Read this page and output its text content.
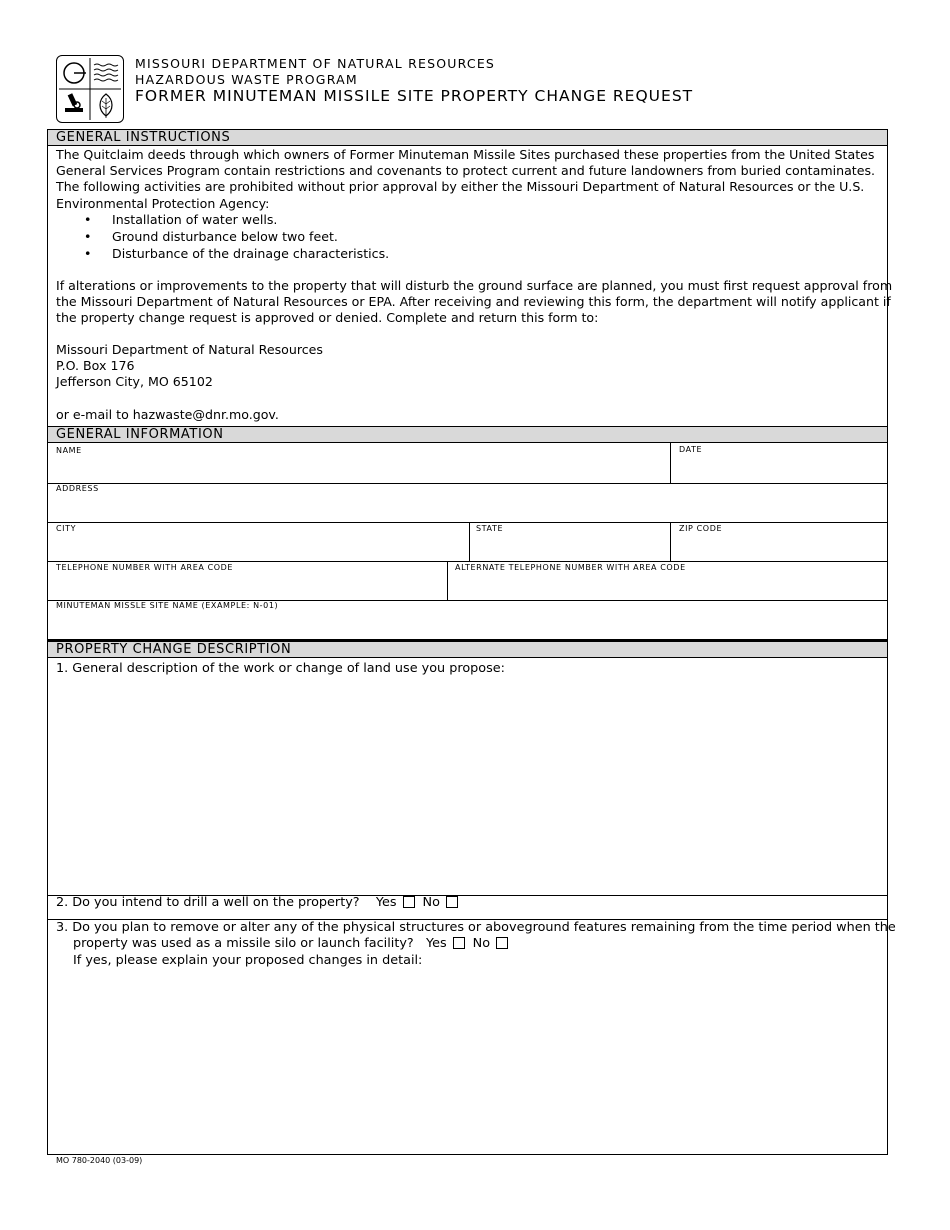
MISSOURI DEPARTMENT OF NATURAL RESOURCES
HAZARDOUS WASTE PROGRAM
FORMER MINUTEMAN MISSILE SITE PROPERTY CHANGE REQUEST
GENERAL INSTRUCTIONS
The Quitclaim deeds through which owners of Former Minuteman Missile Sites purchased these properties from the United States
General Services Program contain restrictions and covenants to protect current and future landowners from buried contaminates.
The following activities are prohibited without prior approval by either the Missouri Department of Natural Resources or the U.S.
Environmental Protection Agency:
• Installation of water wells.
• Ground disturbance below two feet.
• Disturbance of the drainage characteristics.
If alterations or improvements to the property that will disturb the ground surface are planned, you must first request approval from
the Missouri Department of Natural Resources or EPA. After receiving and reviewing this form, the department will notify applicant if
the property change request is approved or denied. Complete and return this form to:
Missouri Department of Natural Resources
P.O. Box 176
Jefferson City, MO 65102
or e-mail to hazwaste@dnr.mo.gov.
GENERAL INFORMATION
NAME	DATE
ADDRESS
CITY	STATE	ZIP CODE
TELEPHONE NUMBER WITH AREA CODE	ALTERNATE TELEPHONE NUMBER WITH AREA CODE
MINUTEMAN MISSLE SITE NAME (EXAMPLE: N-01)
PROPERTY CHANGE DESCRIPTION
1. General description of the work or change of land use you propose:
2. Do you intend to drill a well on the property? Yes No
3. Do you plan to remove or alter any of the physical structures or aboveground features remaining from the time period when the
property was used as a missile silo or launch facility? Yes No
If yes, please explain your proposed changes in detail:
MO 780-2040 (03-09)
